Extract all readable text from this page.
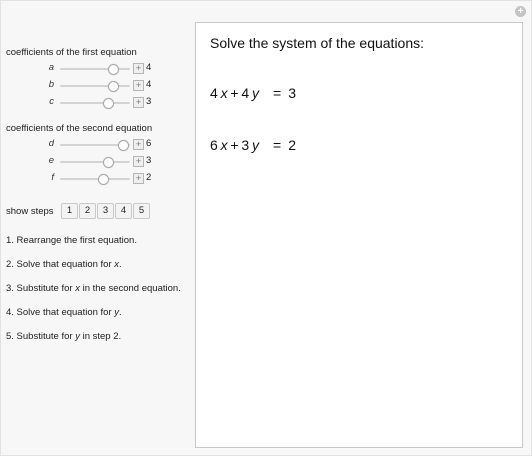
+
coefficients of the first equation
a	+ 4
b	+ 4
c	+ 3
coefficients of the second equation
d	+ 6
e	+ 3
f	+ 2
show steps	1	2	3	4	5
1. Rearrange the first equation.
2. Solve that equation for x.
3. Substitute for x in the second equation.
4. Solve that equation for y.
5. Substitute for y in step 2.
Solve the system of the equations:
4  x  +  4  y  =  3
6  x  +  3  y  =  2
